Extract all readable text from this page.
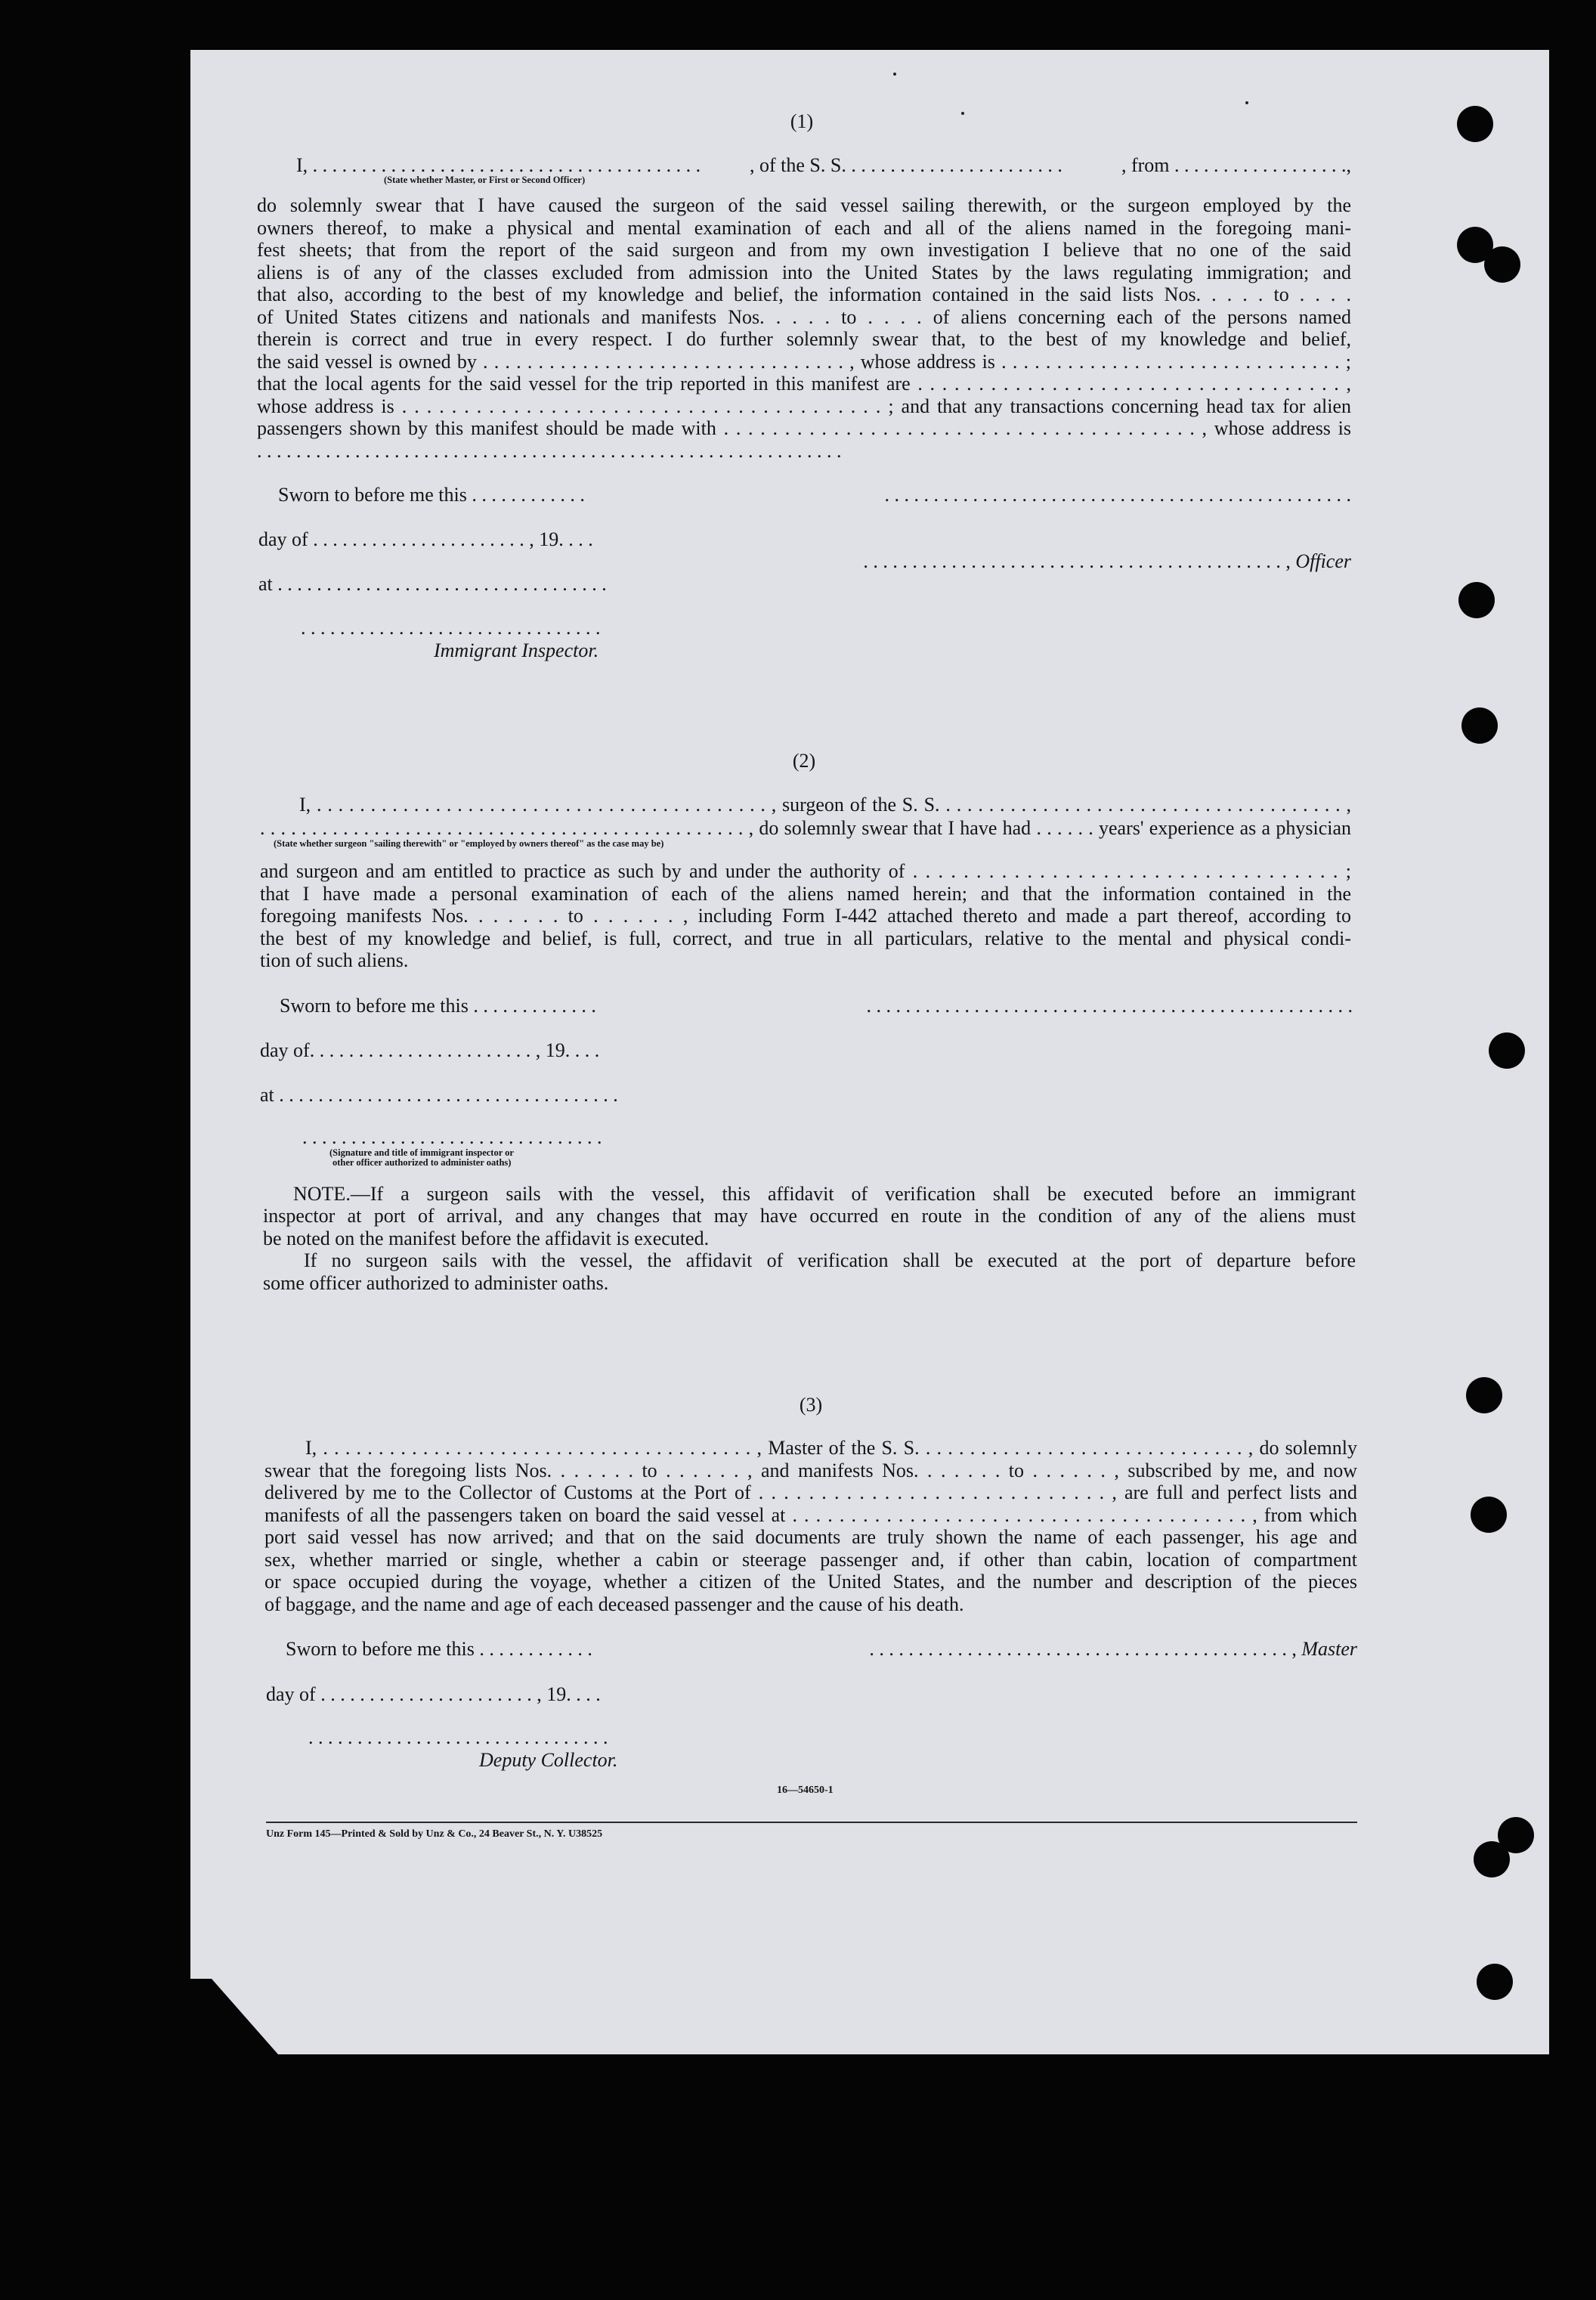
(1)
I, . . . . . . . . . . . . . . . . . . . . . . . . . . . . . . . . . . . . . . . . , of the S. S. . . . . . . . . . . . . . . . . . . . . . .	, from . . . . . . . . . . . . . . . . . .,
(State whether Master, or First or Second Officer)
do solemnly swear that I have caused the surgeon of the said vessel sailing therewith, or the surgeon employed by the
owners thereof, to make a physical and mental examination of each and all of the aliens named in the foregoing mani-
fest sheets; that from the report of the said surgeon and from my own investigation I believe that no one of the said
aliens is of any of the classes excluded from admission into the United States by the laws regulating immigration; and
that also, according to the best of my knowledge and belief, the information contained in the said lists Nos. . . . . to . . . .
of United States citizens and nationals and manifests Nos. . . . . to . . . . of aliens concerning each of the persons named
therein is correct and true in every respect. I do further solemnly swear that, to the best of my knowledge and belief,
the said vessel is owned by . . . . . . . . . . . . . . . . . . . . . . . . . . . . . . . . . , whose address is . . . . . . . . . . . . . . . . . . . . . . . . . . . . . . . ;
that the local agents for the said vessel for the trip reported in this manifest are . . . . . . . . . . . . . . . . . . . . . . . . . . . . . . . . . . . ,
whose address is . . . . . . . . . . . . . . . . . . . . . . . . . . . . . . . . . . . . . . . ; and that any transactions concerning head tax for alien
passengers shown by this manifest should be made with . . . . . . . . . . . . . . . . . . . . . . . . . . . . . . . . . . . . . . . , whose address is
. . . . . . . . . . . . . . . . . . . . . . . . . . . . . . . . . . . . . . . . . . . . . . . . . . . . . . . . . . . .
Sworn to before me this . . . . . . . . . . . .	. . . . . . . . . . . . . . . . . . . . . . . . . . . . . . . . . . . . . . . . . . . . . . . .
day of . . . . . . . . . . . . . . . . . . . . . . , 19. . . .
. . . . . . . . . . . . . . . . . . . . . . . . . . . . . . . . . . . . . . . . . . . , Officer
at . . . . . . . . . . . . . . . . . . . . . . . . . . . . . . . . . .
. . . . . . . . . . . . . . . . . . . . . . . . . . . . . . .
Immigrant Inspector.
(2)
I, . . . . . . . . . . . . . . . . . . . . . . . . . . . . . . . . . . . . . . . . . . , surgeon of the S. S. . . . . . . . . . . . . . . . . . . . . . . . . . . . . . . . . . . . . . ,
. . . . . . . . . . . . . . . . . . . . . . . . . . . . . . . . . . . . . . . . . . . . . . . , do solemnly swear that I have had . . . . . . years' experience as a physician
(State whether surgeon "sailing therewith" or "employed by owners thereof" as the case may be)
and surgeon and am entitled to practice as such by and under the authority of . . . . . . . . . . . . . . . . . . . . . . . . . . . . . . . . . . ;
that I have made a personal examination of each of the aliens named herein; and that the information contained in the
foregoing manifests Nos. . . . . . . to . . . . . . , including Form I-442 attached thereto and made a part thereof, according to
the best of my knowledge and belief, is full, correct, and true in all particulars, relative to the mental and physical condi-
tion of such aliens.
Sworn to before me this . . . . . . . . . . . . .	. . . . . . . . . . . . . . . . . . . . . . . . . . . . . . . . . . . . . . . . . . . . . . . . . .
day of. . . . . . . . . . . . . . . . . . . . . . . , 19. . . .
at . . . . . . . . . . . . . . . . . . . . . . . . . . . . . . . . . . .
. . . . . . . . . . . . . . . . . . . . . . . . . . . . . . .
(Signature and title of immigrant inspector or
other officer authorized to administer oaths)
NOTE.—If a surgeon sails with the vessel, this affidavit of verification shall be executed before an immigrant
inspector at port of arrival, and any changes that may have occurred en route in the condition of any of the aliens must
be noted on the manifest before the affidavit is executed.
If no surgeon sails with the vessel, the affidavit of verification shall be executed at the port of departure before
some officer authorized to administer oaths.
(3)
I, . . . . . . . . . . . . . . . . . . . . . . . . . . . . . . . . . . . . . . . , Master of the S. S. . . . . . . . . . . . . . . . . . . . . . . . . . . . . . , do solemnly
swear that the foregoing lists Nos. . . . . . . to . . . . . . , and manifests Nos. . . . . . . to . . . . . . , subscribed by me, and now
delivered by me to the Collector of Customs at the Port of . . . . . . . . . . . . . . . . . . . . . . . . . . . . , are full and perfect lists and
manifests of all the passengers taken on board the said vessel at . . . . . . . . . . . . . . . . . . . . . . . . . . . . . . . . . . . . . . . , from which
port said vessel has now arrived; and that on the said documents are truly shown the name of each passenger, his age and
sex, whether married or single, whether a cabin or steerage passenger and, if other than cabin, location of compartment
or space occupied during the voyage, whether a citizen of the United States, and the number and description of the pieces
of baggage, and the name and age of each deceased passenger and the cause of his death.
Sworn to before me this . . . . . . . . . . . .	. . . . . . . . . . . . . . . . . . . . . . . . . . . . . . . . . . . . . . . . . . . , Master
day of . . . . . . . . . . . . . . . . . . . . . . , 19. . . .
. . . . . . . . . . . . . . . . . . . . . . . . . . . . . . .
Deputy Collector.
16—54650-1
Unz Form 145—Printed & Sold by Unz & Co., 24 Beaver St., N. Y. U38525
